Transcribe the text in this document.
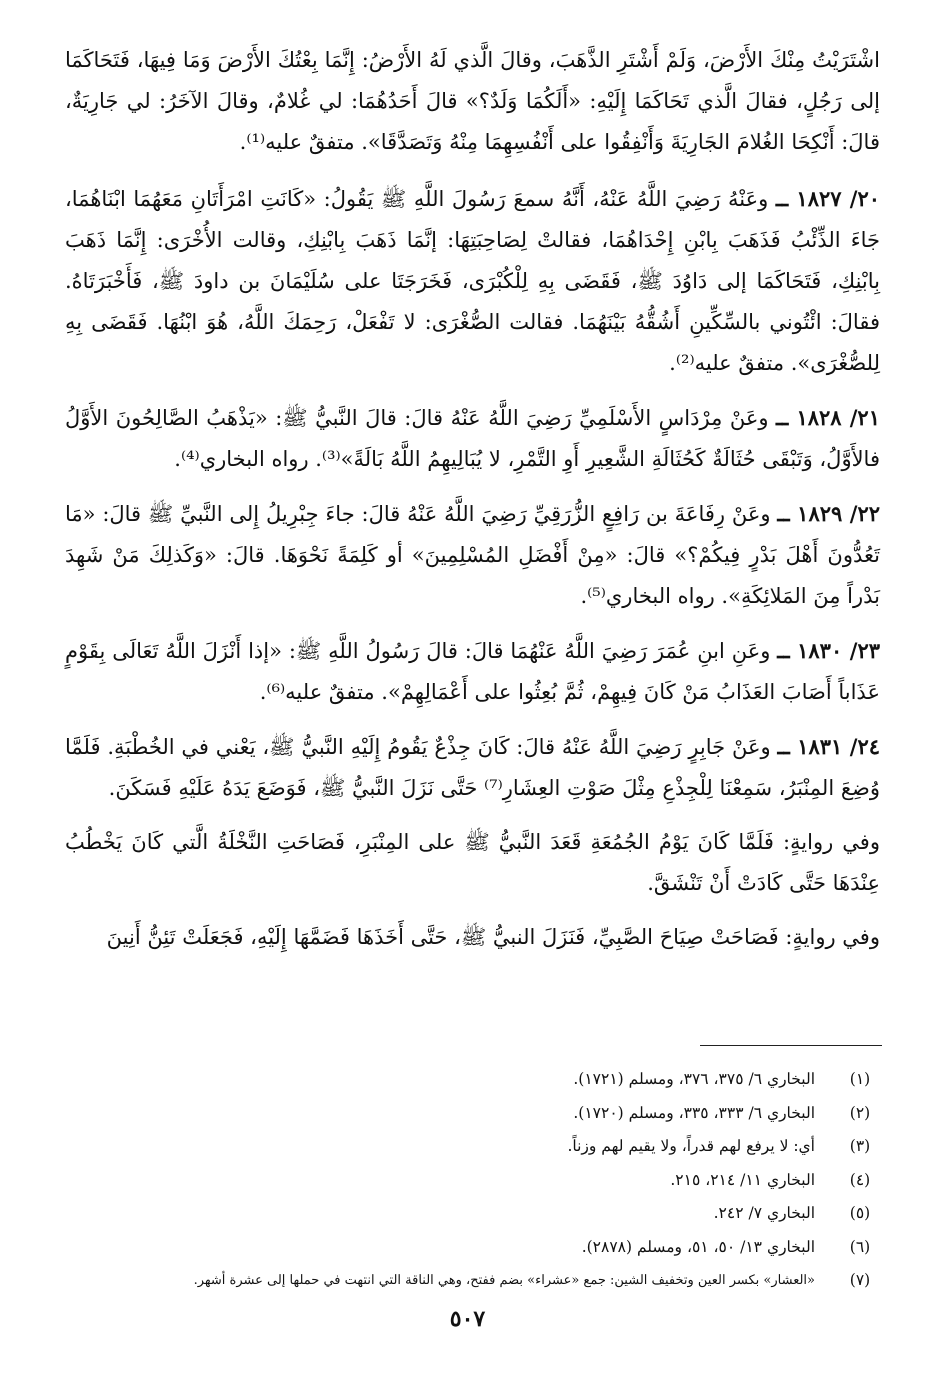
اشْتَرَيْتُ مِنْكَ الأَرْضَ، وَلَمْ أَشْتَرِ الذَّهَبَ، وقالَ الَّذي لَهُ الأَرْضُ: إِنَّمَا بِعْتُكَ الأَرْضَ وَمَا فِيهَا، فَتَحَاكَمَا إلى رَجُلٍ، فقالَ الَّذي تَحَاكَمَا إِلَيْهِ: «أَلَكُمَا وَلَدٌ؟» قالَ أَحَدُهُمَا: لي غُلامٌ، وقالَ الآخَرُ: لي جَارِيَةٌ، قالَ: أَنْكِحَا الغُلامَ الجَارِيَةَ وَأَنْفِقُوا على أَنْفُسِهِمَا مِنْهُ وَتَصَدَّقَا». متفقٌ عليه⁽¹⁾.

٢٠/ ١٨٢٧ ــ وعَنْهُ رَضِيَ اللَّهُ عَنْهُ، أَنَّهُ سمعَ رَسُولَ اللَّهِ ﷺ يَقُولُ: «كَانَتِ امْرَأَتَانِ مَعَهُمَا ابْنَاهُمَا، جَاءَ الذِّئْبُ فَذَهَبَ بِابْنِ إِحْدَاهُمَا، فقالتْ لِصَاحِبَتِهَا: إنَّمَا ذَهَبَ بِابْنِكِ، وقالت الأُخْرَى: إِنَّمَا ذَهَبَ بِابْنِكِ، فَتَحَاكَمَا إلى دَاوُدَ ﷺ، فَقَضَى بِهِ لِلْكُبْرَى، فَخَرَجَتَا على سُلَيْمَانَ بن داودَ ﷺ، فَأَخْبَرَتَاهُ. فقالَ: ائْتُوني بالسِّكِّينِ أَشُقُّهُ بَيْنَهُمَا. فقالت الصُّغْرَى: لا تَفْعَلْ، رَحِمَكَ اللَّهُ، هُوَ ابْنُهَا. فَقَضَى بِهِ لِلصُّغْرَى». متفقٌ عليه⁽²⁾.

٢١/ ١٨٢٨ ــ وعَنْ مِرْدَاسٍ الأَسْلَمِيِّ رَضِيَ اللَّهُ عَنْهُ قالَ: قالَ النَّبيُّ ﷺ: «يَذْهَبُ الصَّالِحُونَ الأَوَّلُ فالأَوَّلُ، وَتَبْقَى حُثَالَةٌ كَحُثَالَةِ الشَّعِيرِ أَوِ التَّمْرِ، لا يُبَالِيهِمُ اللَّهُ بَالَةً»⁽³⁾. رواه البخاري⁽⁴⁾.

٢٢/ ١٨٢٩ ــ وعَنْ رِفَاعَةَ بن رَافِعٍ الزُّرَقِيِّ رَضِيَ اللَّهُ عَنْهُ قالَ: جاءَ جِبْرِيلُ إِلى النَّبيِّ ﷺ قالَ: «مَا تَعُدُّونَ أَهْلَ بَدْرٍ فِيكُمْ؟» قالَ: «مِنْ أَفْضَلِ المُسْلِمِينَ» أو كَلِمَةً نَحْوَهَا. قالَ: «وَكَذلِكَ مَنْ شَهِدَ بَدْراً مِنَ المَلائِكَةِ». رواه البخاري⁽⁵⁾.

٢٣/ ١٨٣٠ ــ وعَنِ ابنِ عُمَرَ رَضِيَ اللَّهُ عَنْهُمَا قالَ: قالَ رَسُولُ اللَّهِ ﷺ: «إذا أَنْزَلَ اللَّهُ تَعَالَى بِقَوْمٍ عَذَاباً أَصَابَ العَذَابُ مَنْ كَانَ فِيهِمْ، ثُمَّ بُعِثُوا على أَعْمَالِهِمْ». متفقٌ عليه⁽⁶⁾.

٢٤/ ١٨٣١ ــ وعَنْ جَابِرٍ رَضِيَ اللَّهُ عَنْهُ قالَ: كَانَ جِذْعٌ يَقُومُ إِلَيْهِ النَّبيُّ ﷺ، يَعْني في الخُطْبَةِ. فَلَمَّا وُضِعَ المِنْبَرُ، سَمِعْنَا لِلْجِذْعِ مِثْلَ صَوْتِ العِشَارِ⁽⁷⁾ حَتَّى نَزَلَ النَّبيُّ ﷺ، فَوَضَعَ يَدَهُ عَلَيْهِ فَسَكَنَ.

وفي روايةٍ: فَلَمَّا كَانَ يَوْمُ الجُمُعَةِ قَعَدَ النَّبيُّ ﷺ على المِنْبَرِ، فَصَاحَتِ النَّخْلَةُ الَّتي كَانَ يَخْطُبُ عِنْدَهَا حَتَّى كَادَتْ أَنْ تَنْشَقَّ.

وفي روايةٍ: فَصَاحَتْ صِيَاحَ الصَّبِيِّ، فَنَزَلَ النبيُّ ﷺ، حَتَّى أَخَذَهَا فَضَمَّهَا إِلَيْهِ، فَجَعَلَتْ تَئِنُّ أَنِينَ

(١)
البخاري ٦/ ٣٧٥، ٣٧٦، ومسلم (١٧٢١).
(٢)
البخاري ٦/ ٣٣٣، ٣٣٥، ومسلم (١٧٢٠).
(٣)
أي: لا يرفع لهم قدراً، ولا يقيم لهم وزناً.
(٤)
البخاري ١١/ ٢١٤، ٢١٥.
(٥)
البخاري ٧/ ٢٤٢.
(٦)
البخاري ١٣/ ٥٠، ٥١، ومسلم (٢٨٧٨).
(٧)
«العشار» بكسر العين وتخفيف الشين: جمع «عشراء» بضم ففتح، وهي الناقة التي انتهت في حملها إلى عشرة أشهر.
٥٠٧
